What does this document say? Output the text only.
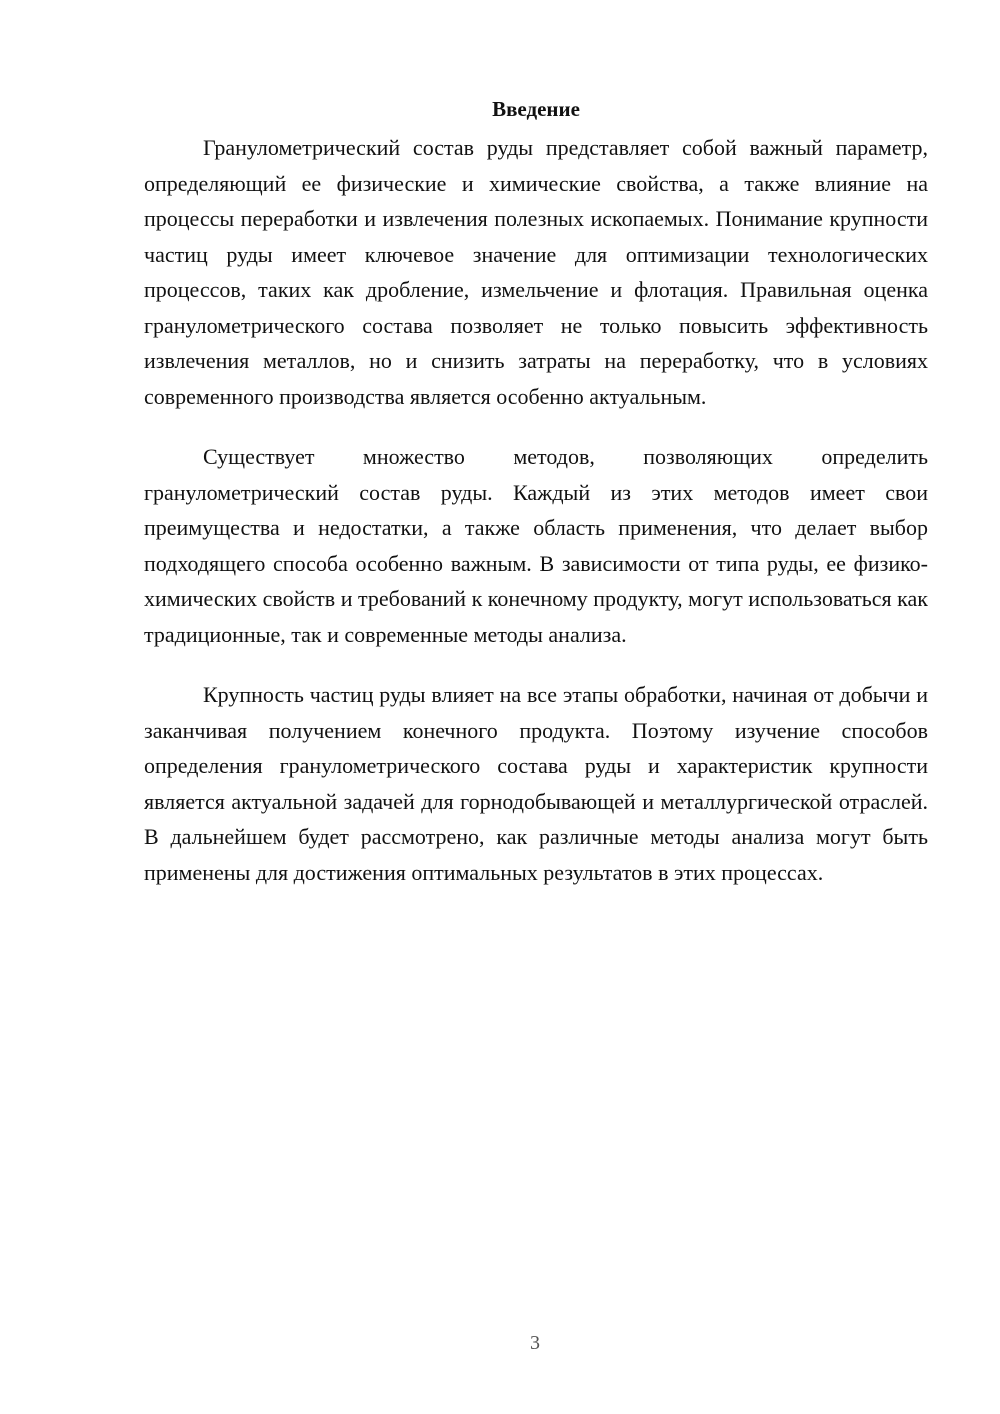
Введение

Гранулометрический состав руды представляет собой важный параметр, определяющий ее физические и химические свойства, а также влияние на процессы переработки и извлечения полезных ископаемых. Понимание крупности частиц руды имеет ключевое значение для оптимизации технологических процессов, таких как дробление, измельчение и флотация. Правильная оценка гранулометрического состава позволяет не только повысить эффективность извлечения металлов, но и снизить затраты на переработку, что в условиях современного производства является особенно актуальным.

Существует множество методов, позволяющих определить гранулометрический состав руды. Каждый из этих методов имеет свои преимущества и недостатки, а также область применения, что делает выбор подходящего способа особенно важным. В зависимости от типа руды, ее физико-химических свойств и требований к конечному продукту, могут использоваться как традиционные, так и современные методы анализа.

Крупность частиц руды влияет на все этапы обработки, начиная от добычи и заканчивая получением конечного продукта. Поэтому изучение способов определения гранулометрического состава руды и характеристик крупности является актуальной задачей для горнодобывающей и металлургической отраслей. В дальнейшем будет рассмотрено, как различные методы анализа могут быть применены для достижения оптимальных результатов в этих процессах.

3
